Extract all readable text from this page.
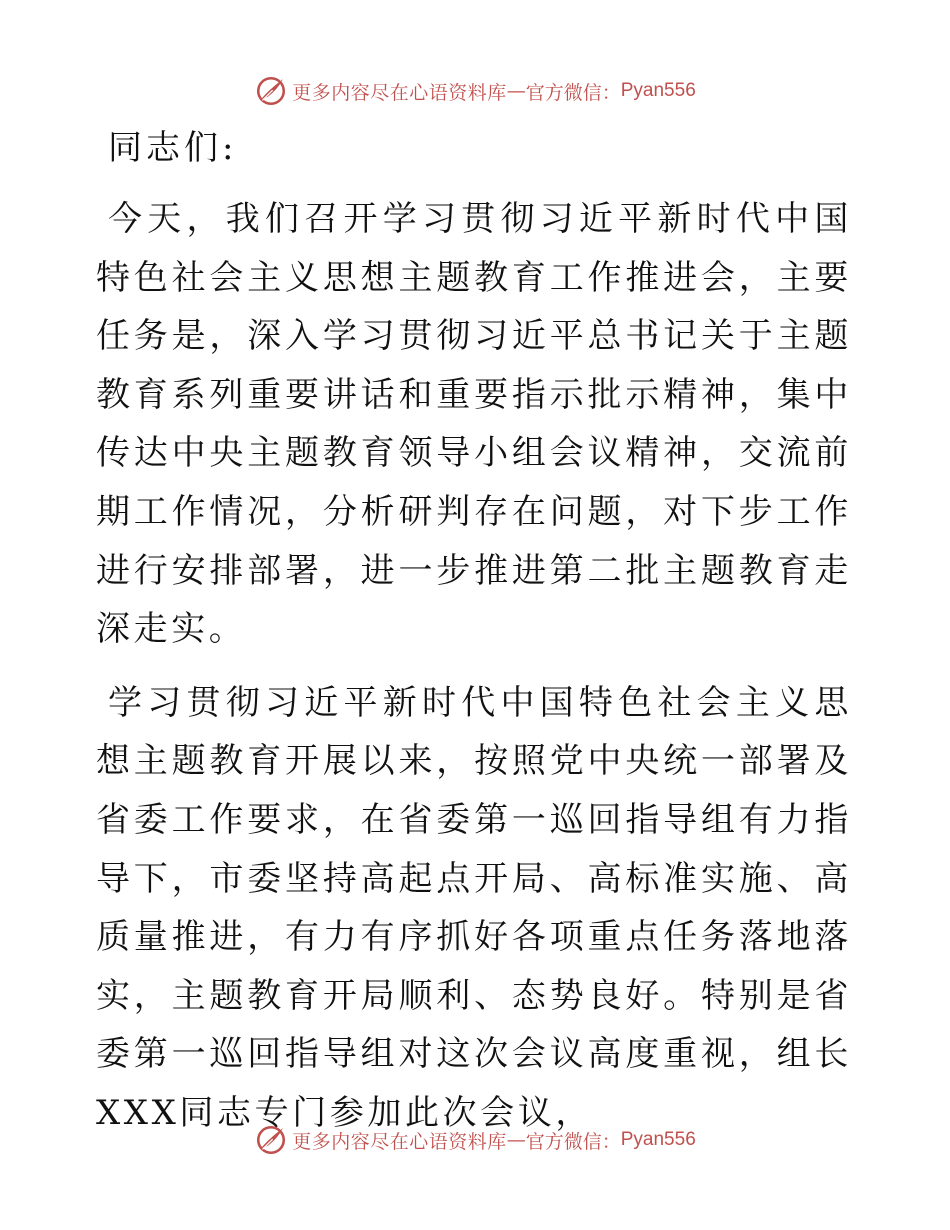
更多内容尽在心语资料库 — 官方微信： Pyan556
同志们:

今天，我们召开学习贯彻习近平新时代中国特色社会主义思想主题教育工作推进会，主要任务是，深入学习贯彻习近平总书记关于主题教育系列重要讲话和重要指示批示精神，集中传达中央主题教育领导小组会议精神，交流前期工作情况，分析研判存在问题，对下步工作进行安排部署，进一步推进第二批主题教育走深走实。

学习贯彻习近平新时代中国特色社会主义思想主题教育开展以来，按照党中央统一部署及省委工作要求，在省委第一巡回指导组有力指导下，市委坚持高起点开局、高标准实施、高质量推进，有力有序抓好各项重点任务落地落实，主题教育开局顺利、态势良好。特别是省委第一巡回指导组对这次会议高度重视，组长XXX同志专门参加此次会议，

更多内容尽在心语资料库 — 官方微信： Pyan556
